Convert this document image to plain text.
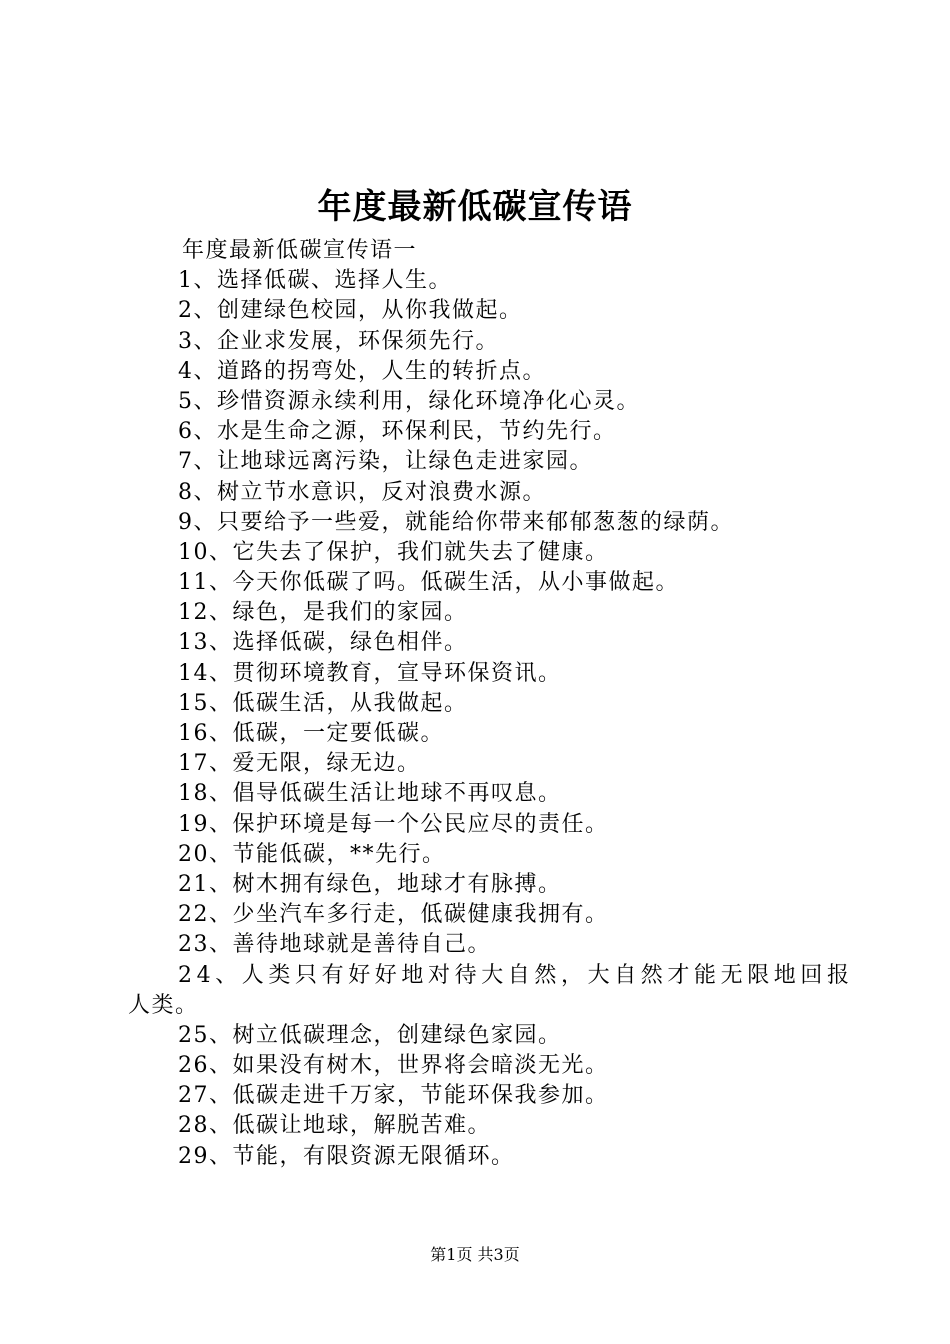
年度最新低碳宣传语
年度最新低碳宣传语一
1、选择低碳、选择人生。
2、创建绿色校园，从你我做起。
3、企业求发展，环保须先行。
4、道路的拐弯处，人生的转折点。
5、珍惜资源永续利用，绿化环境净化心灵。
6、水是生命之源，环保利民，节约先行。
7、让地球远离污染，让绿色走进家园。
8、树立节水意识，反对浪费水源。
9、只要给予一些爱，就能给你带来郁郁葱葱的绿荫。
10、它失去了保护，我们就失去了健康。
11、今天你低碳了吗。低碳生活，从小事做起。
12、绿色，是我们的家园。
13、选择低碳，绿色相伴。
14、贯彻环境教育，宣导环保资讯。
15、低碳生活，从我做起。
16、低碳，一定要低碳。
17、爱无限，绿无边。
18、倡导低碳生活让地球不再叹息。
19、保护环境是每一个公民应尽的责任。
20、节能低碳，**先行。
21、树木拥有绿色，地球才有脉搏。
22、少坐汽车多行走，低碳健康我拥有。
23、善待地球就是善待自己。
24、人类只有好好地对待大自然，大自然才能无限地回报
人类。
25、树立低碳理念，创建绿色家园。
26、如果没有树木，世界将会暗淡无光。
27、低碳走进千万家，节能环保我参加。
28、低碳让地球，解脱苦难。
29、节能，有限资源无限循环。
第1页 共3页
